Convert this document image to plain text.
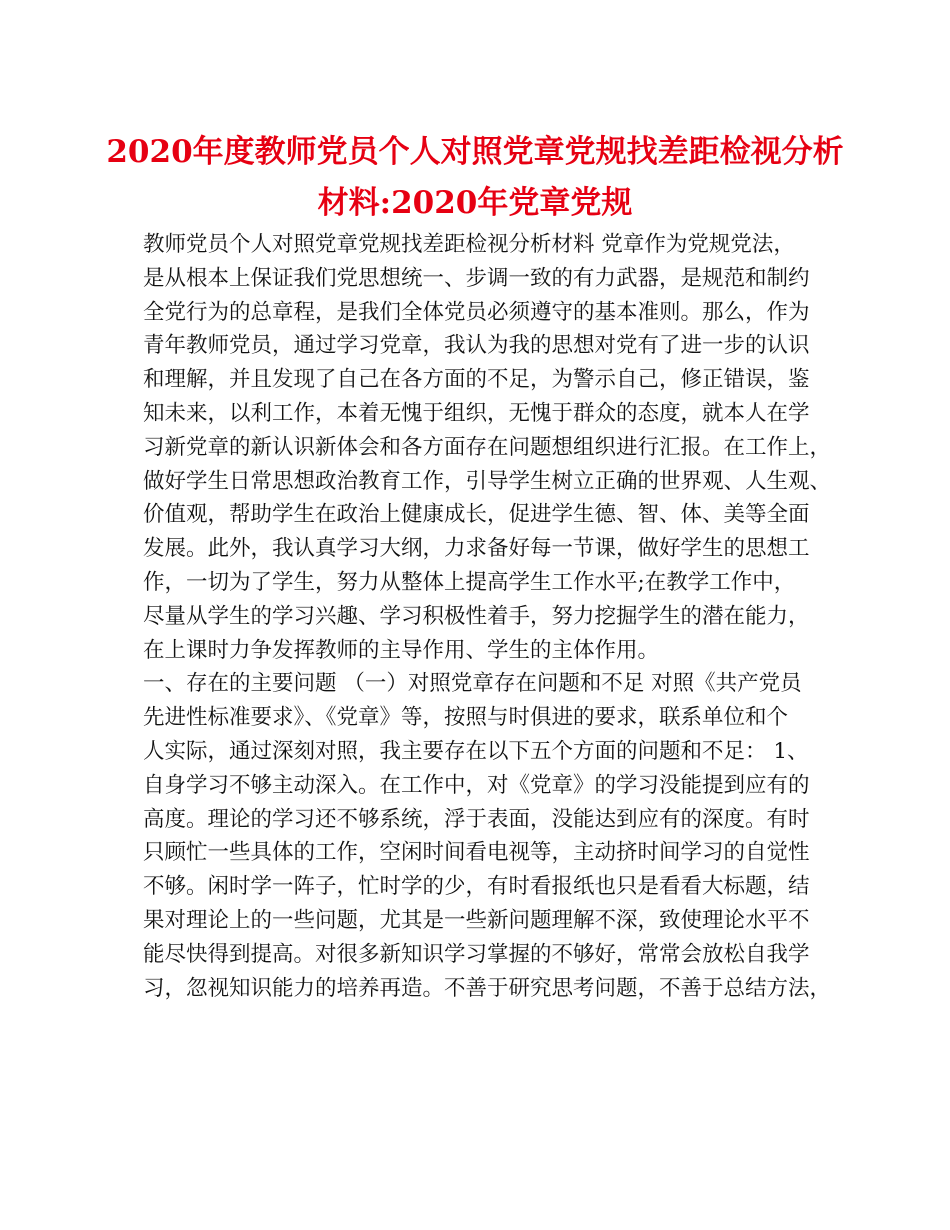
2020年度教师党员个人对照党章党规找差距检视分析
材料:2020年党章党规
教师党员个人对照党章党规找差距检视分析材料 党章作为党规党法，
是从根本上保证我们党思想统一、步调一致的有力武器，是规范和制约
全党行为的总章程，是我们全体党员必须遵守的基本准则。那么，作为
青年教师党员，通过学习党章，我认为我的思想对党有了进一步的认识
和理解，并且发现了自己在各方面的不足，为警示自己，修正错误，鉴
知未来，以利工作，本着无愧于组织，无愧于群众的态度，就本人在学
习新党章的新认识新体会和各方面存在问题想组织进行汇报。在工作上，
做好学生日常思想政治教育工作，引导学生树立正确的世界观、人生观、
价值观，帮助学生在政治上健康成长，促进学生德、智、体、美等全面
发展。此外，我认真学习大纲，力求备好每一节课，做好学生的思想工
作，一切为了学生，努力从整体上提高学生工作水平;在教学工作中，
尽量从学生的学习兴趣、学习积极性着手，努力挖掘学生的潜在能力，
在上课时力争发挥教师的主导作用、学生的主体作用。
一、存在的主要问题 （一）对照党章存在问题和不足 对照《共产党员
先进性标准要求》、《党章》等，按照与时俱进的要求，联系单位和个
人实际，通过深刻对照，我主要存在以下五个方面的问题和不足： 1、
自身学习不够主动深入。在工作中，对《党章》的学习没能提到应有的
高度。理论的学习还不够系统，浮于表面，没能达到应有的深度。有时
只顾忙一些具体的工作，空闲时间看电视等，主动挤时间学习的自觉性
不够。闲时学一阵子，忙时学的少，有时看报纸也只是看看大标题，结
果对理论上的一些问题，尤其是一些新问题理解不深，致使理论水平不
能尽快得到提高。对很多新知识学习掌握的不够好，常常会放松自我学
习，忽视知识能力的培养再造。不善于研究思考问题，不善于总结方法，
